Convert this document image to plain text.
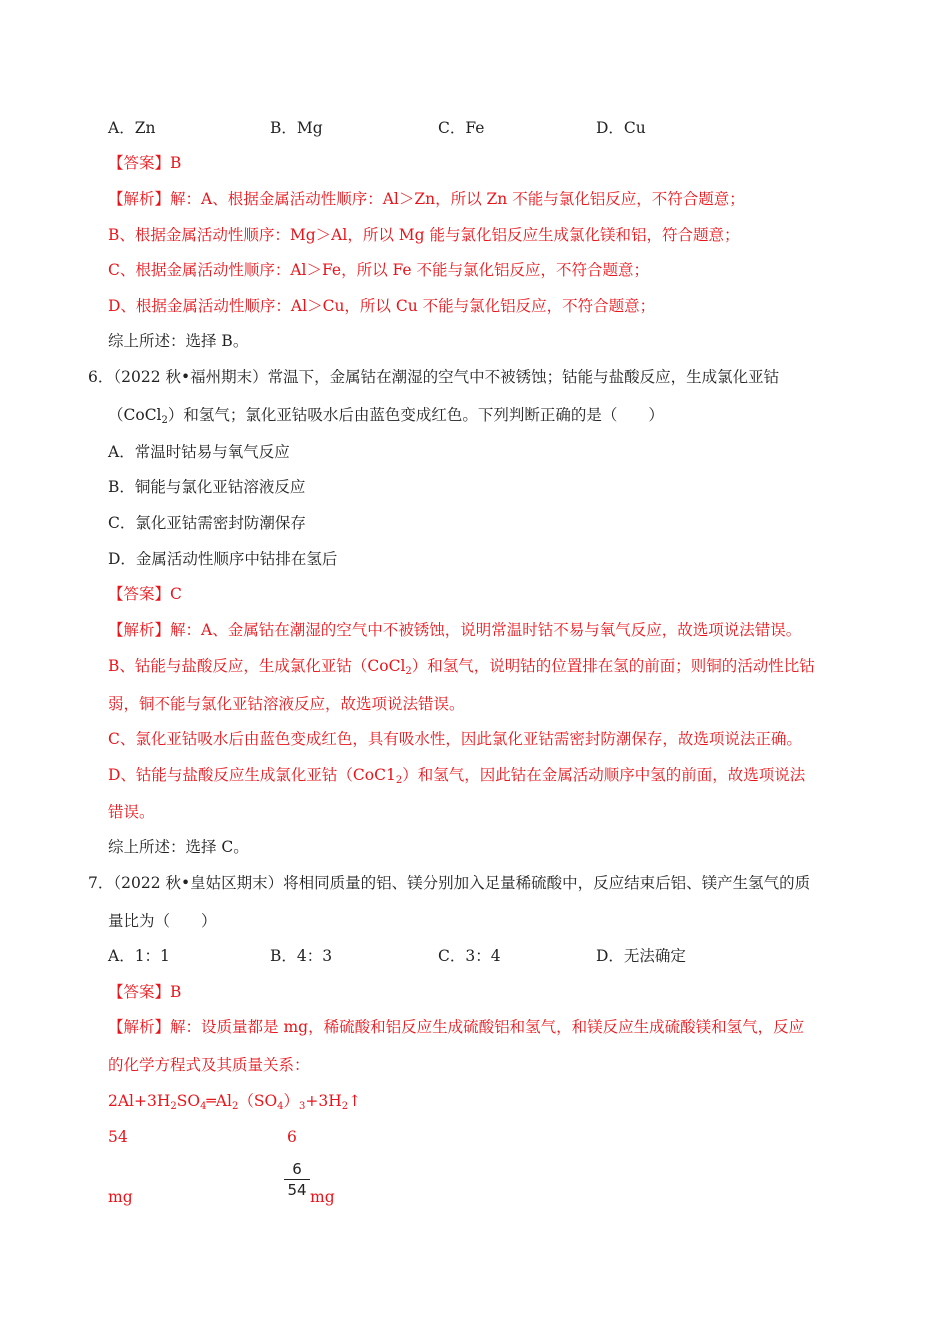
A．Zn	B．Mg	C．Fe	D．Cu
【答案】B
【解析】解：A、根据金属活动性顺序：Al＞Zn，所以 Zn 不能与氯化铝反应，不符合题意；
B、根据金属活动性顺序：Mg＞Al，所以 Mg 能与氯化铝反应生成氯化镁和铝，符合题意；
C、根据金属活动性顺序：Al＞Fe，所以 Fe 不能与氯化铝反应，不符合题意；
D、根据金属活动性顺序：Al＞Cu，所以 Cu 不能与氯化铝反应，不符合题意；
综上所述：选择 B。
6．（2022 秋•福州期末）常温下，金属钴在潮湿的空气中不被锈蚀；钴能与盐酸反应，生成氯化亚钴
（CoCl$_2$）和氢气；氯化亚钴吸水后由蓝色变成红色。下列判断正确的是（　　）
A．常温时钴易与氧气反应
B．铜能与氯化亚钴溶液反应
C．氯化亚钴需密封防潮保存
D．金属活动性顺序中钴排在氢后
【答案】C
【解析】解：A、金属钴在潮湿的空气中不被锈蚀，说明常温时钴不易与氧气反应，故选项说法错误。
B、钴能与盐酸反应，生成氯化亚钴（CoCl$_2$）和氢气，说明钴的位置排在氢的前面；则铜的活动性比钴
弱，铜不能与氯化亚钴溶液反应，故选项说法错误。
C、氯化亚钴吸水后由蓝色变成红色，具有吸水性，因此氯化亚钴需密封防潮保存，故选项说法正确。
D、钴能与盐酸反应生成氯化亚钴$(CoC1_2)$和氢气，因此钴在金属活动顺序中氢的前面，故选项说法
错误。
综上所述：选择 C。
7．（2022 秋•皇姑区期末）将相同质量的铝、镁分别加入足量稀硫酸中，反应结束后铝、镁产生氢气的质
量比为（　　）
A．1：1	B．4：3	C．3：4	D．无法确定
【答案】B
【解析】解：设质量都是 mg，稀硫酸和铝反应生成硫酸铝和氢气，和镁反应生成硫酸镁和氢气，反应
的化学方程式及其质量关系：
$2Al+3H_2SO_4═Al_2(SO_4)_3+3H_2↑$
54	6
mg
6
54 mg
